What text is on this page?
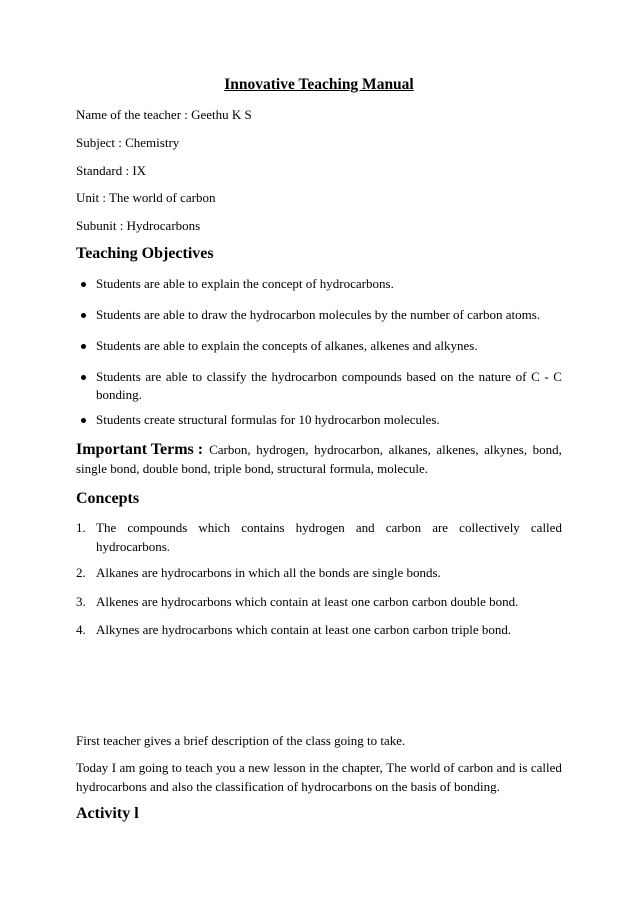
Innovative Teaching Manual
Name of the teacher : Geethu K S
Subject : Chemistry
Standard : IX
Unit : The world of carbon
Subunit : Hydrocarbons
Teaching Objectives
Students are able to explain the concept of hydrocarbons.
Students are able to draw the hydrocarbon molecules by the number of carbon atoms.
Students are able to explain the concepts of alkanes, alkenes and alkynes.
Students are able to classify the hydrocarbon compounds based on the nature of C - C
bonding.
Students create structural formulas for 10 hydrocarbon molecules.
Important Terms : Carbon, hydrogen, hydrocarbon, alkanes, alkenes, alkynes, bond,
single bond, double bond, triple bond, structural formula, molecule.
Concepts
1. The compounds which contains hydrogen and carbon are collectively called
hydrocarbons.
2. Alkanes are hydrocarbons in which all the bonds are single bonds.
3. Alkenes are hydrocarbons which contain at least one carbon carbon double bond.
4. Alkynes are hydrocarbons which contain at least one carbon carbon triple bond.
First teacher gives a brief description of the class going to take.
Today I am going to teach you a new lesson in the chapter, The world of carbon and is called
hydrocarbons and also the classification of hydrocarbons on the basis of bonding.
Activity l
